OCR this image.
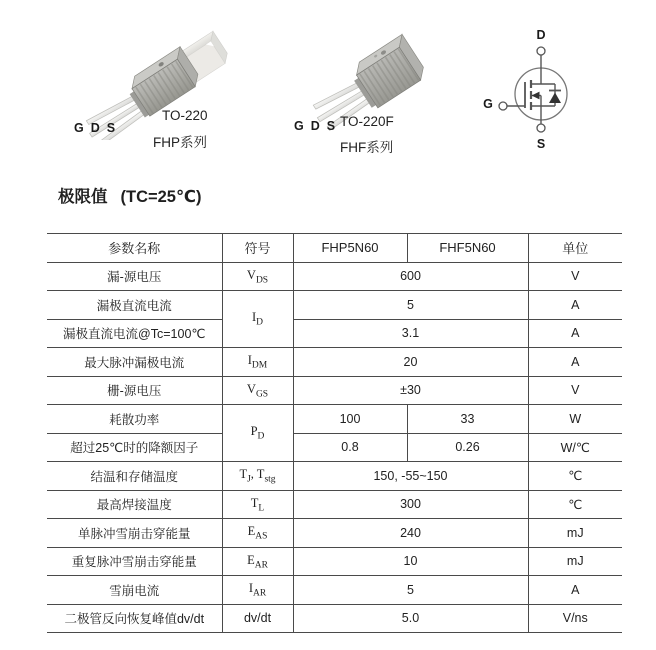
G D S
TO-220
FHP系列
G D S TO-220F
FHF系列
D
G
S
极限值 (TC=25℃)
参数名称	符号	FHP5N60	FHF5N60	单位
漏-源电压	$V_{DS}$	600		V
漏极直流电流	$I_D$	5		A
漏极直流电流@Tc=100℃		3.1		A
最大脉冲漏极电流	$I_{DM}$	20		A
栅-源电压	$V_{GS}$	±30		V
耗散功率	$P_D$	100	33	W
超过25℃时的降额因子		0.8	0.26	W/℃
结温和存储温度	$T_J$, $T_{stg}$	150, -55~150		℃
最高焊接温度	$T_L$	300		℃
单脉冲雪崩击穿能量	$E_{AS}$	240		mJ
重复脉冲雪崩击穿能量	$E_{AR}$	10		mJ
雪崩电流	$I_{AR}$	5		A
二极管反向恢复峰值dv/dt	dv/dt	5.0		V/ns
